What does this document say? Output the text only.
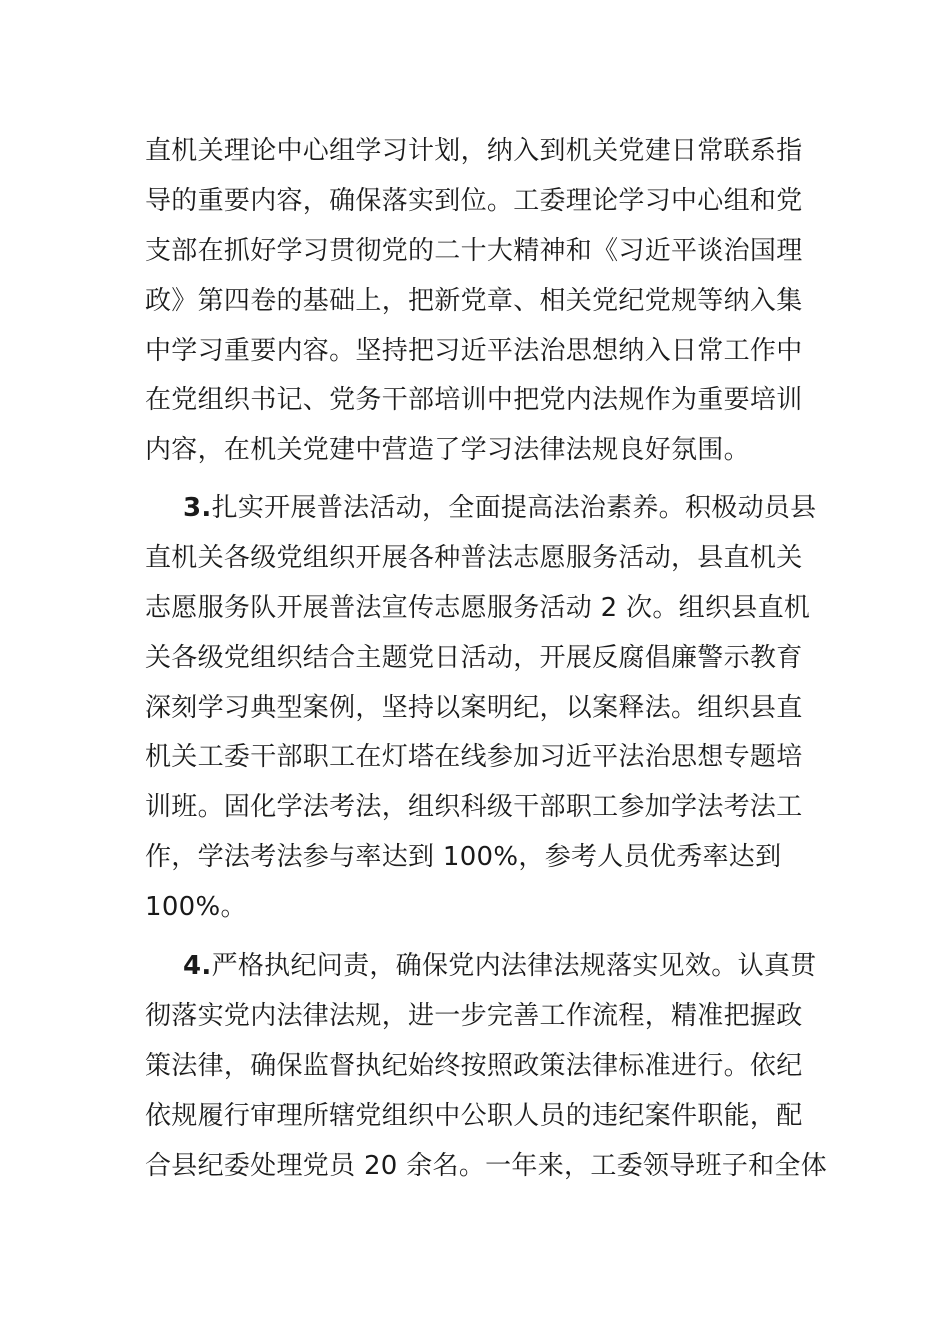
直机关理论中心组学习计划，纳入到机关党建日常联系指
导的重要内容，确保落实到位。工委理论学习中心组和党
支部在抓好学习贯彻党的二十大精神和《习近平谈治国理
政》第四卷的基础上，把新党章、相关党纪党规等纳入集
中学习重要内容。坚持把习近平法治思想纳入日常工作中
在党组织书记、党务干部培训中把党内法规作为重要培训
内容，在机关党建中营造了学习法律法规良好氛围。
3.扎实开展普法活动，全面提高法治素养。积极动员县
直机关各级党组织开展各种普法志愿服务活动，县直机关
志愿服务队开展普法宣传志愿服务活动 2 次。组织县直机
关各级党组织结合主题党日活动，开展反腐倡廉警示教育
深刻学习典型案例，坚持以案明纪，以案释法。组织县直
机关工委干部职工在灯塔在线参加习近平法治思想专题培
训班。固化学法考法，组织科级干部职工参加学法考法工
作，学法考法参与率达到 100%，参考人员优秀率达到
100%。
4.严格执纪问责，确保党内法律法规落实见效。认真贯
彻落实党内法律法规，进一步完善工作流程，精准把握政
策法律，确保监督执纪始终按照政策法律标准进行。依纪
依规履行审理所辖党组织中公职人员的违纪案件职能，配
合县纪委处理党员 20 余名。一年来，工委领导班子和全体
